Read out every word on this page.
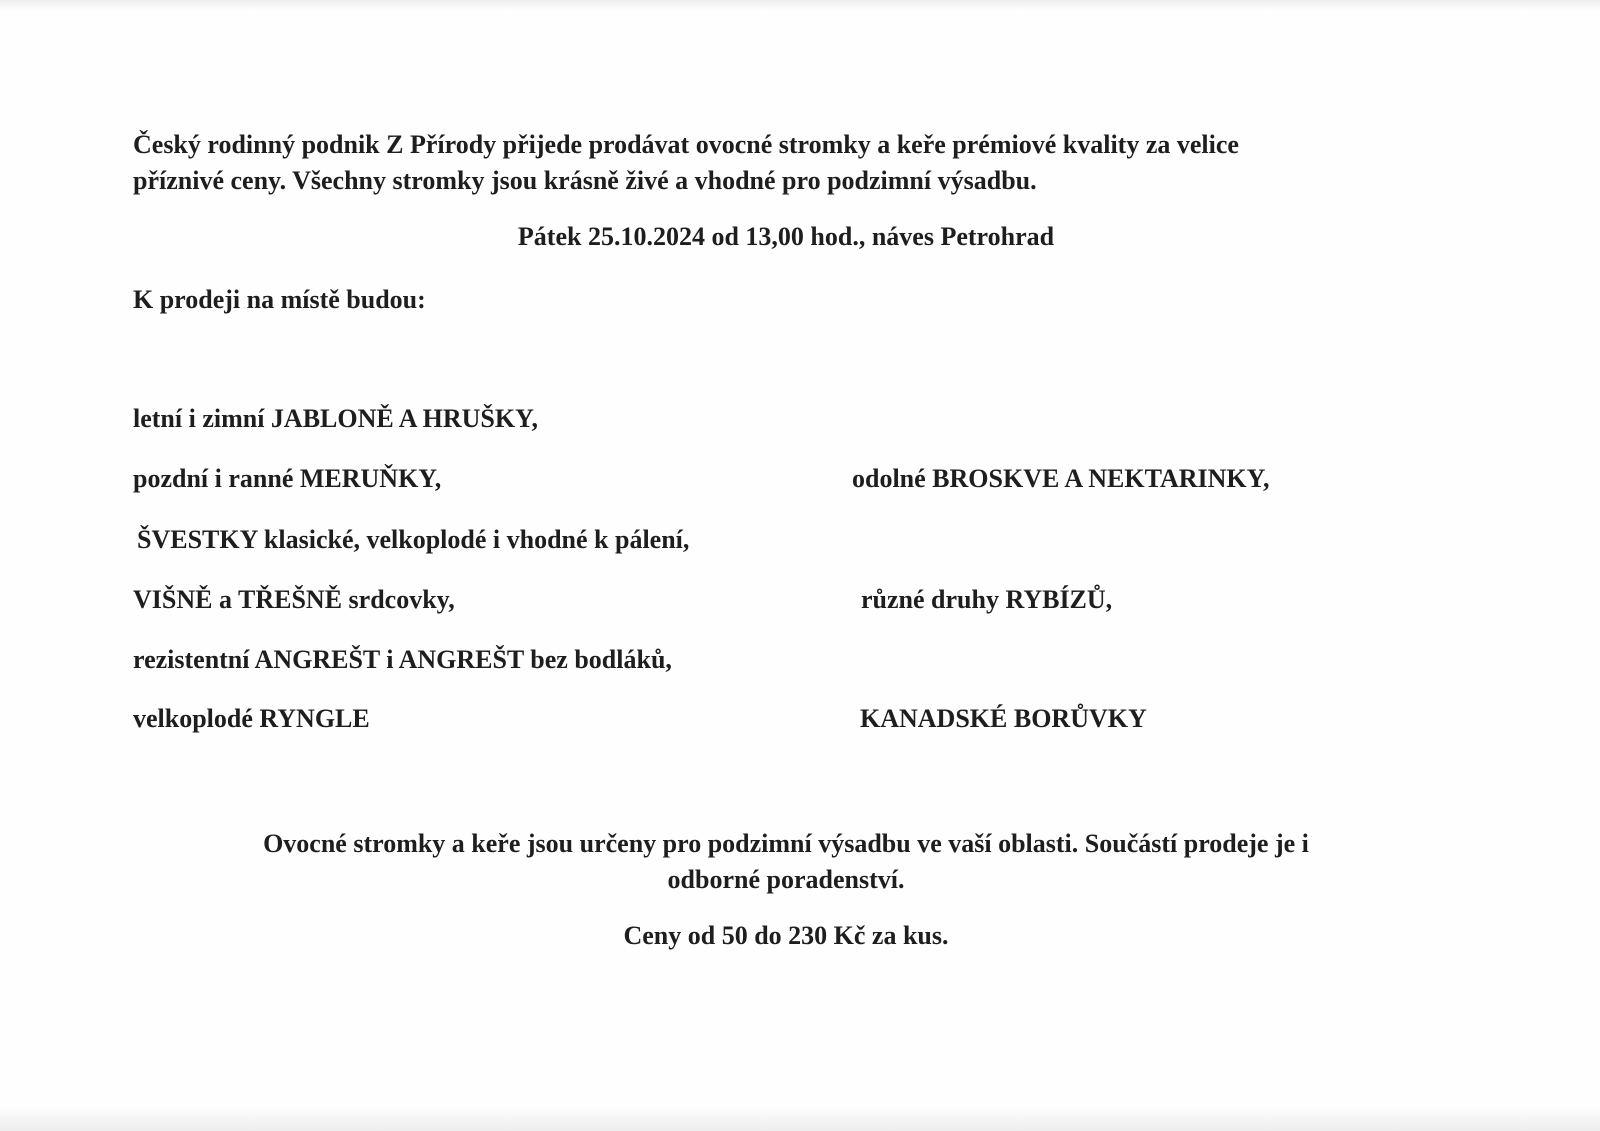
Český rodinný podnik Z Přírody přijede prodávat ovocné stromky a keře prémiové kvality za velice
příznivé ceny. Všechny stromky jsou krásně živé a vhodné pro podzimní výsadbu.

Pátek 25.10.2024 od 13,00 hod., náves Petrohrad

K prodeji na místě budou:

letní i zimní JABLONĚ A HRUŠKY,

pozdní i ranné MERUŇKY,	odolné BROSKVE A NEKTARINKY,

ŠVESTKY klasické, velkoplodé i vhodné k pálení,

VIŠNĚ a TŘEŠNĚ srdcovky,	různé druhy RYBÍZŮ,

rezistentní ANGREŠT i ANGREŠT bez bodláků,

velkoplodé RYNGLE	KANADSKÉ BORŮVKY

Ovocné stromky a keře jsou určeny pro podzimní výsadbu ve vaší oblasti. Součástí prodeje je i
odborné poradenství.

Ceny od 50 do 230 Kč za kus.
